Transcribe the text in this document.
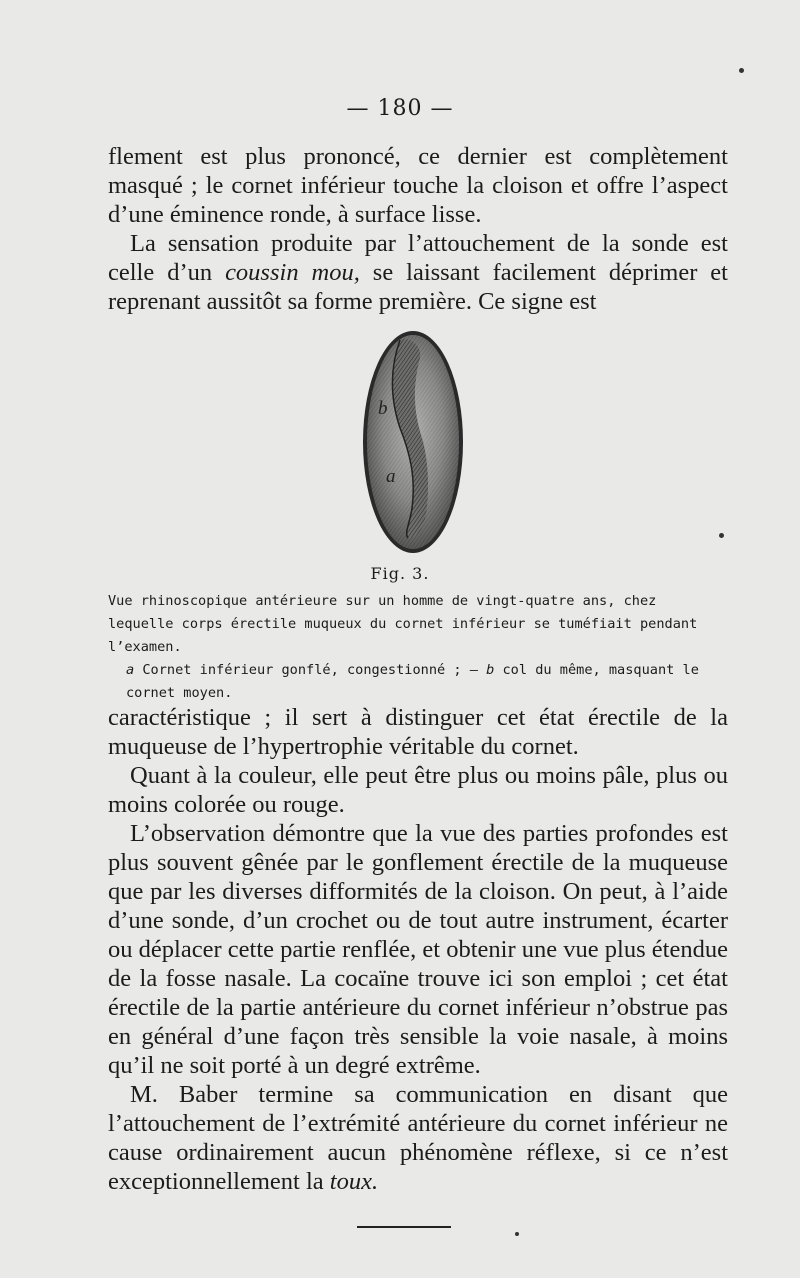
— 180 —

flement est plus prononcé, ce dernier est complètement masqué ; le cornet inférieur touche la cloison et offre l’aspect d’une éminence ronde, à surface lisse.

La sensation produite par l’attouchement de la sonde est celle d’un coussin mou, se laissant facilement déprimer et reprenant aussitôt sa forme première. Ce signe est

b
a
Fig. 3.

Vue rhinoscopique antérieure sur un homme de vingt-quatre ans, chez lequelle corps érectile muqueux du cornet inférieur se tuméfiait pendant l’examen.

a Cornet inférieur gonflé, congestionné ; — b col du même, masquant le cornet moyen.

caractéristique ; il sert à distinguer cet état érectile de la muqueuse de l’hypertrophie véritable du cornet.

Quant à la couleur, elle peut être plus ou moins pâle, plus ou moins colorée ou rouge.

L’observation démontre que la vue des parties profondes est plus souvent gênée par le gonflement érectile de la muqueuse que par les diverses difformités de la cloison. On peut, à l’aide d’une sonde, d’un crochet ou de tout autre instrument, écarter ou déplacer cette partie renflée, et obtenir une vue plus étendue de la fosse nasale. La cocaïne trouve ici son emploi ; cet état érectile de la partie antérieure du cornet inférieur n’obstrue pas en général d’une façon très sensible la voie nasale, à moins qu’il ne soit porté à un degré extrême.

M. Baber termine sa communication en disant que l’attouchement de l’extrémité antérieure du cornet inférieur ne cause ordinairement aucun phénomène réflexe, si ce n’est exceptionnellement la toux.
